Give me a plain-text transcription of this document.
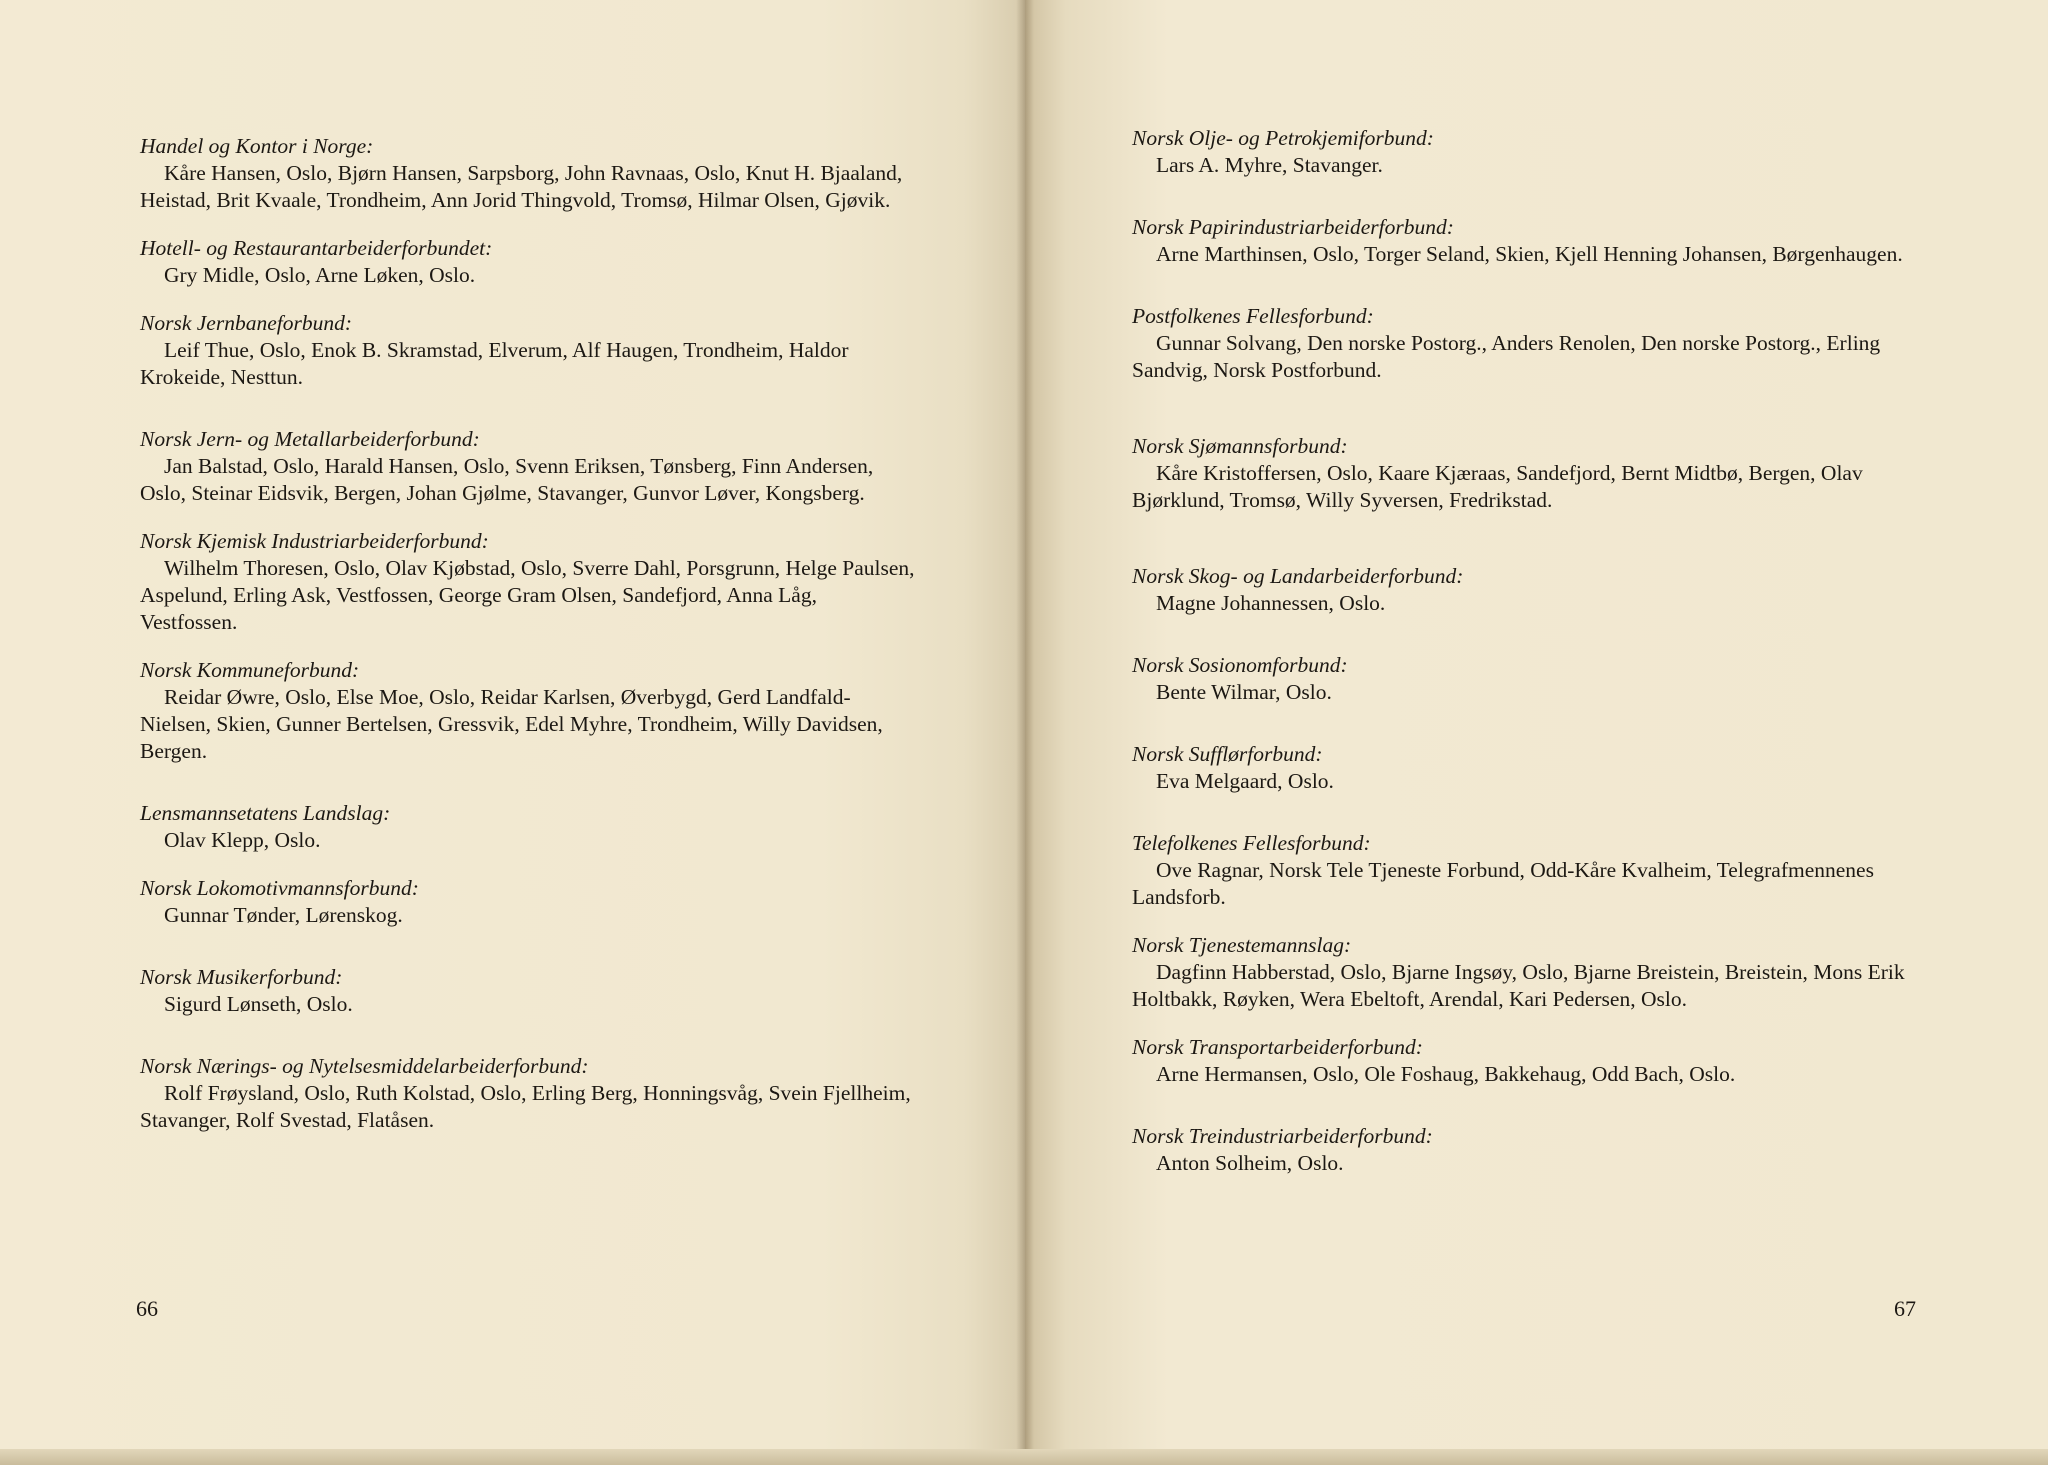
Handel og Kontor i Norge:
Kåre Hansen, Oslo, Bjørn Hansen, Sarpsborg, John Ravnaas, Oslo, Knut H. Bjaaland, Heistad, Brit Kvaale, Trondheim, Ann Jorid Thingvold, Tromsø, Hilmar Olsen, Gjøvik.

Hotell- og Restaurantarbeiderforbundet:
Gry Midle, Oslo, Arne Løken, Oslo.

Norsk Jernbaneforbund:
Leif Thue, Oslo, Enok B. Skramstad, Elverum, Alf Haugen, Trondheim, Haldor Krokeide, Nesttun.

Norsk Jern- og Metallarbeiderforbund:
Jan Balstad, Oslo, Harald Hansen, Oslo, Svenn Eriksen, Tønsberg, Finn Andersen, Oslo, Steinar Eidsvik, Bergen, Johan Gjølme, Stavanger, Gunvor Løver, Kongsberg.

Norsk Kjemisk Industriarbeiderforbund:
Wilhelm Thoresen, Oslo, Olav Kjøbstad, Oslo, Sverre Dahl, Porsgrunn, Helge Paulsen, Aspelund, Erling Ask, Vestfossen, George Gram Olsen, Sandefjord, Anna Låg, Vestfossen.

Norsk Kommuneforbund:
Reidar Øwre, Oslo, Else Moe, Oslo, Reidar Karlsen, Øverbygd, Gerd Landfald-Nielsen, Skien, Gunner Bertelsen, Gressvik, Edel Myhre, Trondheim, Willy Davidsen, Bergen.

Lensmannsetatens Landslag:
Olav Klepp, Oslo.

Norsk Lokomotivmannsforbund:
Gunnar Tønder, Lørenskog.

Norsk Musikerforbund:
Sigurd Lønseth, Oslo.

Norsk Nærings- og Nytelsesmiddelarbeiderforbund:
Rolf Frøysland, Oslo, Ruth Kolstad, Oslo, Erling Berg, Honningsvåg, Svein Fjellheim, Stavanger, Rolf Svestad, Flatåsen.

66

Norsk Olje- og Petrokjemiforbund:
Lars A. Myhre, Stavanger.

Norsk Papirindustriarbeiderforbund:
Arne Marthinsen, Oslo, Torger Seland, Skien, Kjell Henning Johansen, Børgenhaugen.

Postfolkenes Fellesforbund:
Gunnar Solvang, Den norske Postorg., Anders Renolen, Den norske Postorg., Erling Sandvig, Norsk Postforbund.

Norsk Sjømannsforbund:
Kåre Kristoffersen, Oslo, Kaare Kjæraas, Sandefjord, Bernt Midtbø, Bergen, Olav Bjørklund, Tromsø, Willy Syversen, Fredrikstad.

Norsk Skog- og Landarbeiderforbund:
Magne Johannessen, Oslo.

Norsk Sosionomforbund:
Bente Wilmar, Oslo.

Norsk Sufflørforbund:
Eva Melgaard, Oslo.

Telefolkenes Fellesforbund:
Ove Ragnar, Norsk Tele Tjeneste Forbund, Odd-Kåre Kvalheim, Telegrafmennenes Landsforb.

Norsk Tjenestemannslag:
Dagfinn Habberstad, Oslo, Bjarne Ingsøy, Oslo, Bjarne Breistein, Breistein, Mons Erik Holtbakk, Røyken, Wera Ebeltoft, Arendal, Kari Pedersen, Oslo.

Norsk Transportarbeiderforbund:
Arne Hermansen, Oslo, Ole Foshaug, Bakkehaug, Odd Bach, Oslo.

Norsk Treindustriarbeiderforbund:
Anton Solheim, Oslo.

67
